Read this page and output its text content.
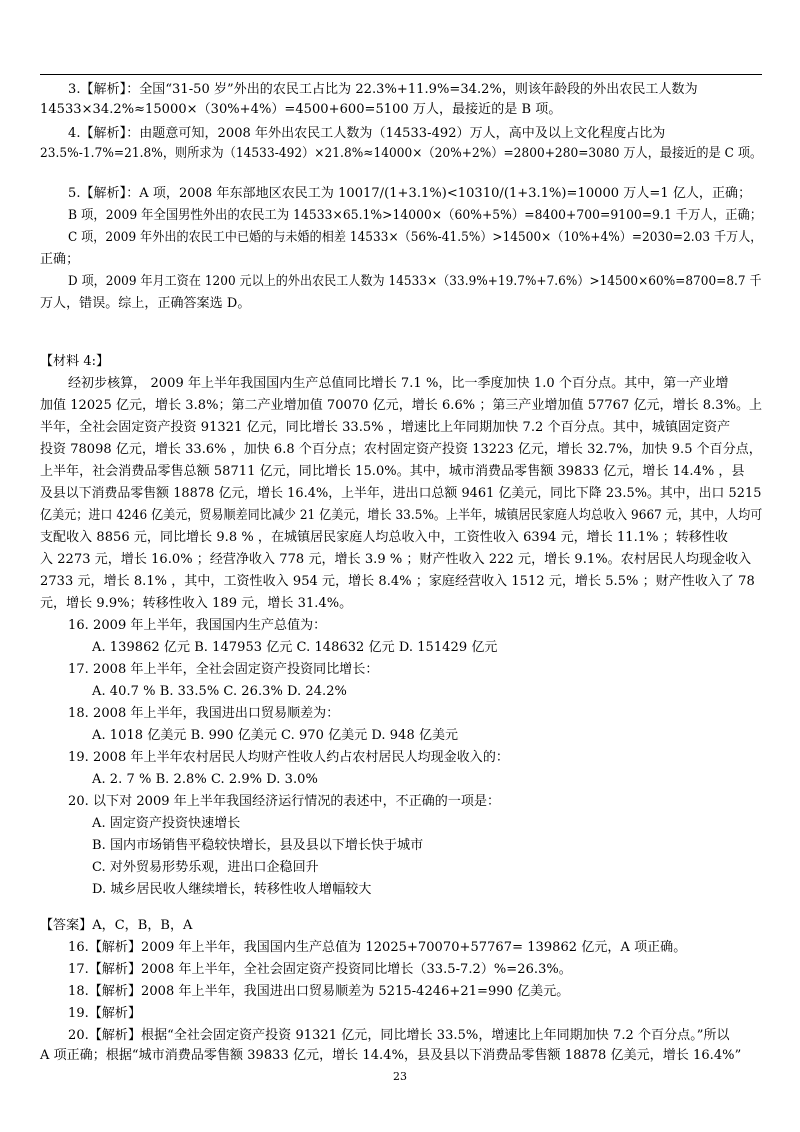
3.【解析】：全国“31-50 岁”外出的农民工占比为 22.3%+11.9%=34.2%，则该年龄段的外出农民工人数为
14533×34.2%≈15000×（30%+4%）=4500+600=5100 万人，最接近的是 B 项。
4.【解析】：由题意可知，2008 年外出农民工人数为（14533-492）万人，高中及以上文化程度占比为
23.5%-1.7%=21.8%，则所求为（14533-492）×21.8%≈14000×（20%+2%）=2800+280=3080 万人，最接近的是 C 项。
5.【解析】：A 项，2008 年东部地区农民工为 10017/(1+3.1%)<10310/(1+3.1%)=10000 万人=1 亿人，正确；
B 项，2009 年全国男性外出的农民工为 14533×65.1%>14000×（60%+5%）=8400+700=9100=9.1 千万人，正确；
C 项，2009 年外出的农民工中已婚的与未婚的相差 14533×（56%-41.5%）>14500×（10%+4%）=2030=2.03 千万人，
正确；
D 项，2009 年月工资在 1200 元以上的外出农民工人数为 14533×（33.9%+19.7%+7.6%）>14500×60%=8700=8.7 千
万人，错误。综上，正确答案选 D。
【材料 4:】
经初步核算， 2009 年上半年我国国内生产总值同比增长 7.1 %，比一季度加快 1.0 个百分点。其中，第一产业增
加值 12025 亿元，增长 3.8%；第二产业增加值 70070 亿元，增长 6.6% ；第三产业增加值 57767 亿元，增长 8.3%。上
半年，全社会固定资产投资 91321 亿元，同比增长 33.5% ，增速比上年同期加快 7.2 个百分点。其中，城镇固定资产
投资 78098 亿元，增长 33.6% ，加快 6.8 个百分点；农村固定资产投资 13223 亿元，增长 32.7%，加快 9.5 个百分点，
上半年，社会消费品零售总额 58711 亿元，同比增长 15.0%。其中，城市消费品零售额 39833 亿元，增长 14.4% ，县
及县以下消费品零售额 18878 亿元，增长 16.4%，上半年，进出口总额 9461 亿美元，同比下降 23.5%。其中，出口 5215
亿美元；进口 4246 亿美元，贸易顺差同比减少 21 亿美元，增长 33.5%。上半年，城镇居民家庭人均总收入 9667 元，其中，人均可
支配收入 8856 元，同比增长 9.8 % ，在城镇居民家庭人均总收入中，工资性收入 6394 元，增长 11.1% ；转移性收
入 2273 元，增长 16.0% ；经营净收入 778 元，增长 3.9 % ；财产性收入 222 元，增长 9.1%。农村居民人均现金收入
2733 元，增长 8.1% ，其中，工资性收入 954 元，增长 8.4% ；家庭经营收入 1512 元，增长 5.5% ；财产性收入了 78
元，增长 9.9%；转移性收入 189 元，增长 31.4%。
16. 2009 年上半年，我国国内生产总值为：
A. 139862 亿元 B. 147953 亿元 C. 148632 亿元 D. 151429 亿元
17. 2008 年上半年，全社会固定资产投资同比增长：
A. 40.7 % B. 33.5% C. 26.3% D. 24.2%
18. 2008 年上半年，我国进出口贸易顺差为：
A. 1018 亿美元 B. 990 亿美元 C. 970 亿美元 D. 948 亿美元
19. 2008 年上半年农村居民人均财产性收人约占农村居民人均现金收入的：
A. 2. 7 % B. 2.8% C. 2.9% D. 3.0%
20. 以下对 2009 年上半年我国经济运行情况的表述中，不正确的一项是：
A. 固定资产投资快速增长
B. 国内市场销售平稳较快增长，县及县以下增长快于城市
C. 对外贸易形势乐观，进出口企稳回升
D. 城乡居民收人继续增长，转移性收人增幅较大
【答案】A，C，B，B，A
16.【解析】2009 年上半年，我国国内生产总值为 12025+70070+57767= 139862 亿元，A 项正确。
17.【解析】2008 年上半年，全社会固定资产投资同比增长（33.5-7.2）%=26.3%。
18.【解析】2008 年上半年，我国进出口贸易顺差为 5215-4246+21=990 亿美元。
19.【解析】
20.【解析】根据“全社会固定资产投资 91321 亿元，同比增长 33.5%，增速比上年同期加快 7.2 个百分点。”所以
A 项正确；根据“城市消费品零售额 39833 亿元，增长 14.4%，县及县以下消费品零售额 18878 亿美元，增长 16.4%”
23
